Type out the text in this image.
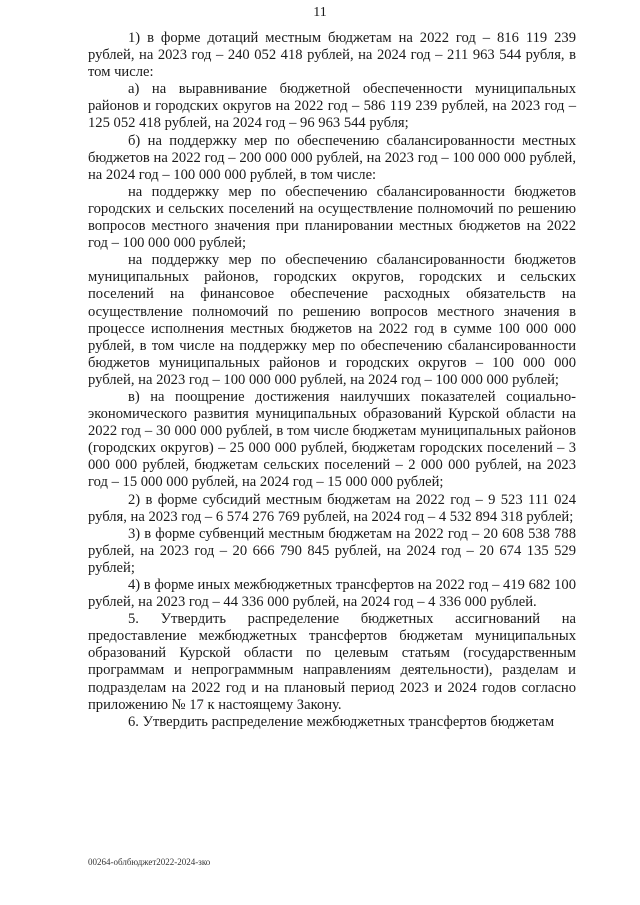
11

1) в форме дотаций местным бюджетам на 2022 год – 816 119 239 рублей, на 2023 год – 240 052 418 рублей, на 2024 год – 211 963 544 рубля, в том числе:

а) на выравнивание бюджетной обеспеченности муниципальных районов и городских округов на 2022 год – 586 119 239 рублей, на 2023 год – 125 052 418 рублей, на 2024 год – 96 963 544 рубля;

б) на поддержку мер по обеспечению сбалансированности местных бюджетов на 2022 год – 200 000 000 рублей, на 2023 год – 100 000 000 рублей, на 2024 год – 100 000 000 рублей, в том числе:

на поддержку мер по обеспечению сбалансированности бюджетов городских и сельских поселений на осуществление полномочий по решению вопросов местного значения при планировании местных бюджетов на 2022 год – 100 000 000 рублей;

на поддержку мер по обеспечению сбалансированности бюджетов муниципальных районов, городских округов, городских и сельских поселений на финансовое обеспечение расходных обязательств на осуществление полномочий по решению вопросов местного значения в процессе исполнения местных бюджетов на 2022 год в сумме 100 000 000 рублей, в том числе на поддержку мер по обеспечению сбалансированности бюджетов муниципальных районов и городских округов – 100 000 000 рублей, на 2023 год – 100 000 000 рублей, на 2024 год – 100 000 000 рублей;

в) на поощрение достижения наилучших показателей социально-экономического развития муниципальных образований Курской области на 2022 год – 30 000 000 рублей, в том числе бюджетам муниципальных районов (городских округов) – 25 000 000 рублей, бюджетам городских поселений – 3 000 000 рублей, бюджетам сельских поселений – 2 000 000 рублей, на 2023 год – 15 000 000 рублей, на 2024 год – 15 000 000 рублей;

2) в форме субсидий местным бюджетам на 2022 год – 9 523 111 024 рубля, на 2023 год – 6 574 276 769 рублей, на 2024 год – 4 532 894 318 рублей;

3) в форме субвенций местным бюджетам на 2022 год – 20 608 538 788 рублей, на 2023 год – 20 666 790 845 рублей, на 2024 год – 20 674 135 529 рублей;

4) в форме иных межбюджетных трансфертов на 2022 год – 419 682 100 рублей, на 2023 год – 44 336 000 рублей, на 2024 год – 4 336 000 рублей.

5. Утвердить распределение бюджетных ассигнований на предоставление межбюджетных трансфертов бюджетам муниципальных образований Курской области по целевым статьям (государственным программам и непрограммным направлениям деятельности), разделам и подразделам на 2022 год и на плановый период 2023 и 2024 годов согласно приложению № 17 к настоящему Закону.

6. Утвердить распределение межбюджетных трансфертов бюджетам

00264-облбюджет2022-2024-зко
